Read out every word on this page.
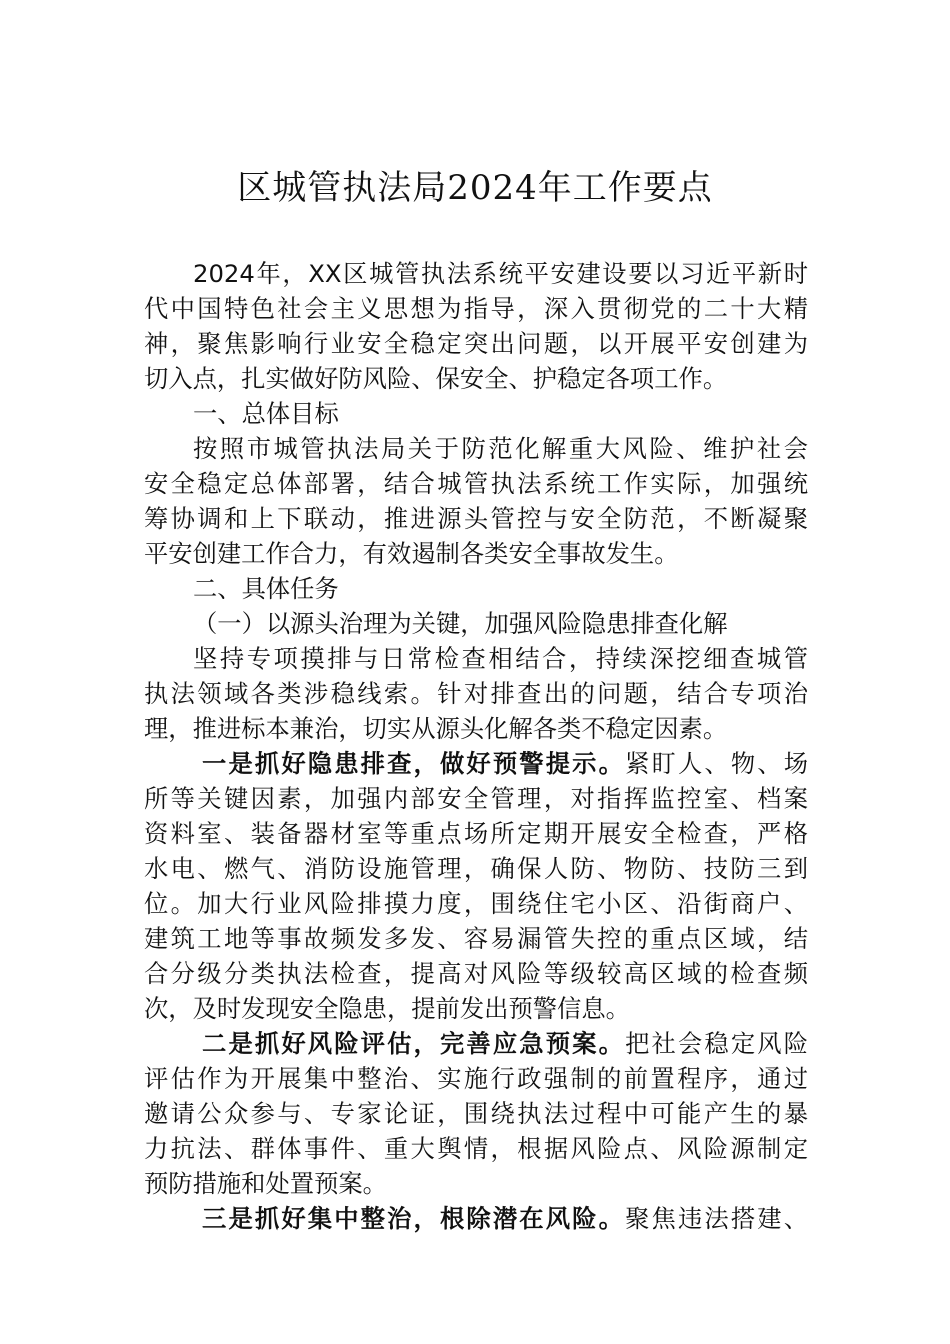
区城管执法局2024年工作要点
2024年，XX区城管执法系统平安建设要以习近平新时
代中国特色社会主义思想为指导，深入贯彻党的二十大精
神，聚焦影响行业安全稳定突出问题，以开展平安创建为
切入点，扎实做好防风险、保安全、护稳定各项工作。
一、总体目标
按照市城管执法局关于防范化解重大风险、维护社会
安全稳定总体部署，结合城管执法系统工作实际，加强统
筹协调和上下联动，推进源头管控与安全防范，不断凝聚
平安创建工作合力，有效遏制各类安全事故发生。
二、具体任务
（一）以源头治理为关键，加强风险隐患排查化解
坚持专项摸排与日常检查相结合，持续深挖细查城管
执法领域各类涉稳线索。针对排查出的问题，结合专项治
理，推进标本兼治，切实从源头化解各类不稳定因素。
一是抓好隐患排查，做好预警提示。紧盯人、物、场
所等关键因素，加强内部安全管理，对指挥监控室、档案
资料室、装备器材室等重点场所定期开展安全检查，严格
水电、燃气、消防设施管理，确保人防、物防、技防三到
位。加大行业风险排摸力度，围绕住宅小区、沿街商户、
建筑工地等事故频发多发、容易漏管失控的重点区域，结
合分级分类执法检查，提高对风险等级较高区域的检查频
次，及时发现安全隐患，提前发出预警信息。
二是抓好风险评估，完善应急预案。把社会稳定风险
评估作为开展集中整治、实施行政强制的前置程序，通过
邀请公众参与、专家论证，围绕执法过程中可能产生的暴
力抗法、群体事件、重大舆情，根据风险点、风险源制定
预防措施和处置预案。
三是抓好集中整治，根除潜在风险。聚焦违法搭建、
